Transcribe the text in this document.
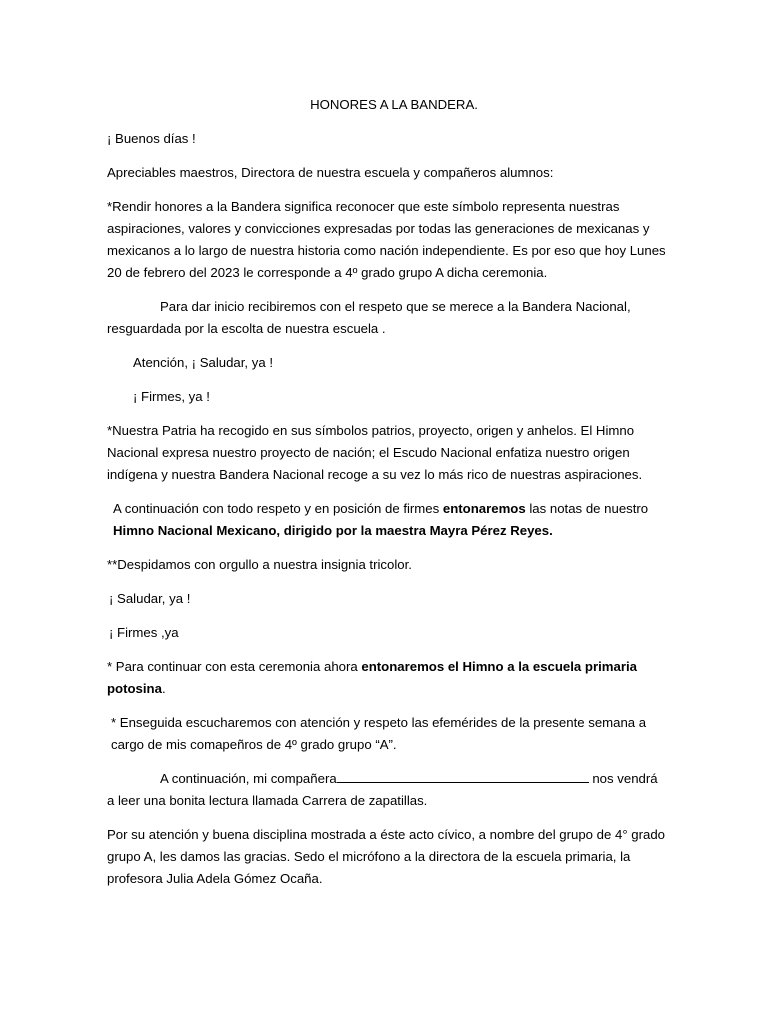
HONORES A LA BANDERA.

¡ Buenos días !

Apreciables maestros, Directora de nuestra escuela y compañeros alumnos:

*Rendir honores a la Bandera significa reconocer que este símbolo representa nuestras aspiraciones, valores y convicciones expresadas por todas las generaciones de mexicanas y mexicanos a lo largo de nuestra historia como nación independiente. Es por eso que hoy Lunes 20 de febrero del 2023 le corresponde a 4º grado grupo A dicha ceremonia.

Para dar inicio recibiremos con el respeto que se merece a la Bandera Nacional, resguardada por la escolta de nuestra escuela .

Atención, ¡ Saludar, ya !

¡ Firmes, ya !

*Nuestra Patria ha recogido en sus símbolos patrios, proyecto, origen y anhelos. El Himno Nacional expresa nuestro proyecto de nación; el Escudo Nacional enfatiza nuestro origen indígena y nuestra Bandera Nacional recoge a su vez lo más rico de nuestras aspiraciones.

A continuación con todo respeto y en posición de firmes entonaremos las notas de nuestro Himno Nacional Mexicano, dirigido por la maestra Mayra Pérez Reyes.

**Despidamos con orgullo a nuestra insignia tricolor.

¡ Saludar, ya !

¡ Firmes ,ya

* Para continuar con esta ceremonia ahora entonaremos el Himno a la escuela primaria potosina.

* Enseguida escucharemos con atención y respeto las efemérides de la presente semana a cargo de mis comapeñros de 4º grado grupo “A”.

A continuación, mi compañera	nos vendrá a leer una bonita lectura llamada Carrera de zapatillas.

Por su atención y buena disciplina mostrada a éste acto cívico, a nombre del grupo de 4° grado grupo A, les damos las gracias. Sedo el micrófono a la directora de la escuela primaria, la profesora Julia Adela Gómez Ocaña.
